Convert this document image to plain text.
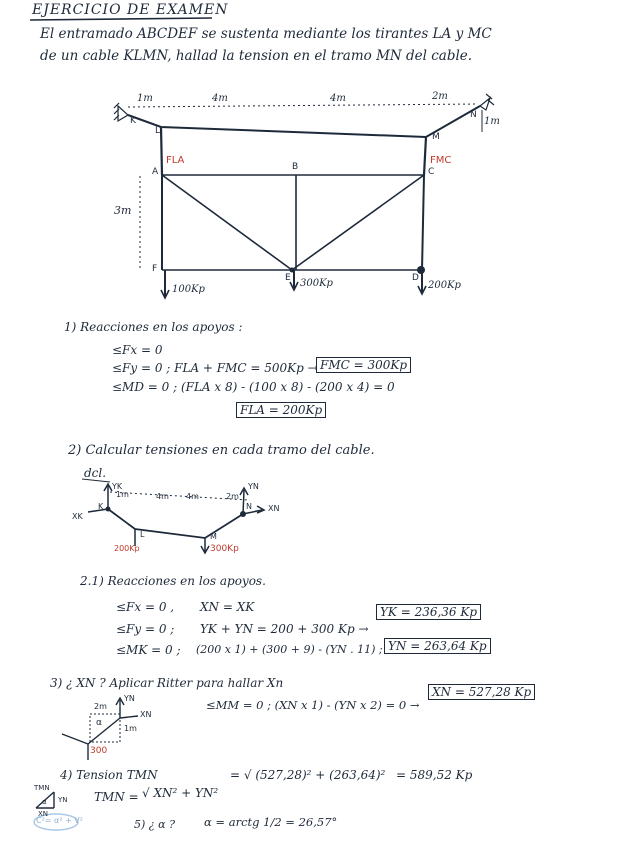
EJERCICIO DE EXAMEN
El entramado ABCDEF se sustenta mediante los tirantes LA y MC
de un cable KLMN, hallad la tension en el tramo MN del cable.
1m	4m	4m	2m
1m
3m
K
L
M
N
A	B	C
D
E
F
FLA	FMC
100Kp
300Kp	200Kp
1) Reacciones en los apoyos :
≤Fx = 0
≤Fy = 0 ; FLA + FMC = 500Kp → FMC = 300Kp
≤MD = 0 ; (FLA x 8) - (100 x 8) - (200 x 4) = 0
FLA = 200Kp
2) Calcular tensiones en cada tramo del cable.
dcl.
YK
XK
YN
XN
K
L	M
N
1m	4m 4m	2m
200Kp	300Kp
2.1) Reacciones en los apoyos.
≤Fx = 0 , XN = XK
≤Fy = 0 ; YK + YN = 200 + 300 Kp →
YK = 236,36 Kp
≤MK = 0 ; (200 x 1) + (300 + 9) - (YN . 11) ; YN = 263,64 Kp
3) ¿ XN ? Aplicar Ritter para hallar Xn
2m
α
1m
YN
XN
300
≤MM = 0 ; (XN x 1) - (YN x 2) = 0 →
XN = 527,28 Kp
4) Tension TMN
TMN = √ XN² + YN²
= √ (527,28)² + (263,64)² = 589,52 Kp
TMN
YN
XN
α
C²= α² + V²	5) ¿ α ?	α = arctg 1/2 = 26,57°
